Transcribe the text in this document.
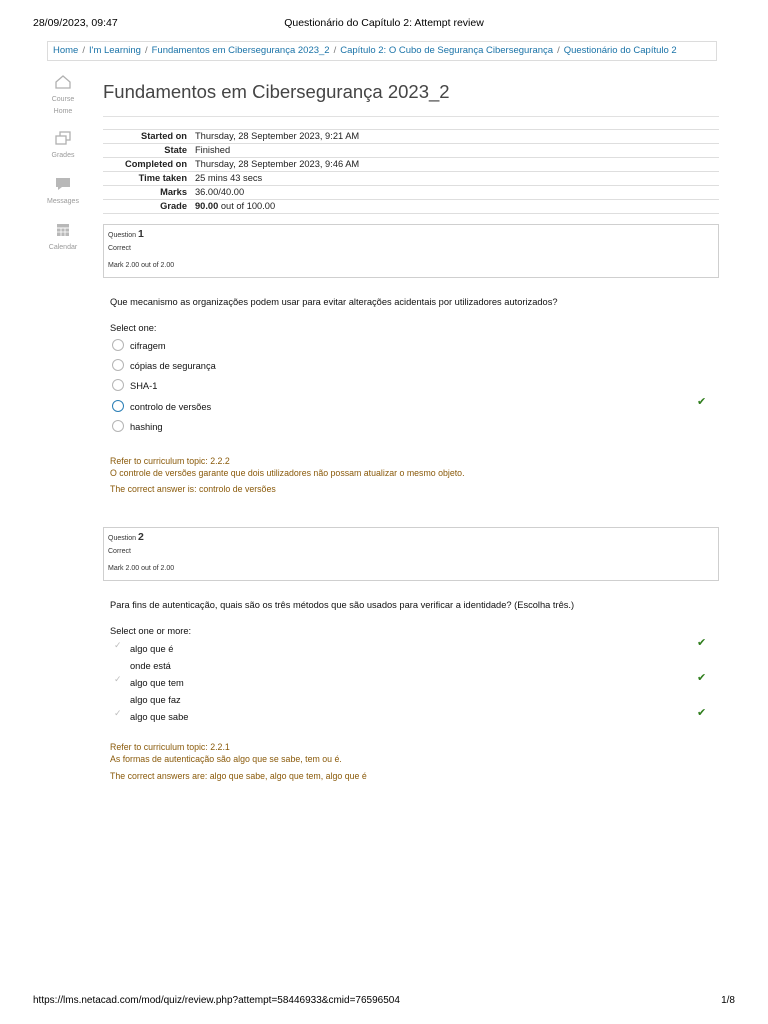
28/09/2023, 09:47	Questionário do Capítulo 2: Attempt review
Home / I'm Learning / Fundamentos em Cibersegurança 2023_2 / Capítulo 2: O Cubo de Segurança Cibersegurança / Questionário do Capítulo 2
Course
Home
Grades
Messages
Calendar
Fundamentos em Cibersegurança 2023_2
Started on	Thursday, 28 September 2023, 9:21 AM
State	Finished
Completed on	Thursday, 28 September 2023, 9:46 AM
Time taken	25 mins 43 secs
Marks	36.00/40.00
Grade	90.00 out of 100.00
Question 1
Correct
Mark 2.00 out of 2.00
Que mecanismo as organizações podem usar para evitar alterações acidentais por utilizadores autorizados?
Select one:
cifragem
cópias de segurança
SHA-1
controlo de versões
hashing
✔
Refer to curriculum topic: 2.2.2
O controle de versões garante que dois utilizadores não possam atualizar o mesmo objeto.
The correct answer is: controlo de versões
Question 2
Correct
Mark 2.00 out of 2.00
Para fins de autenticação, quais são os três métodos que são usados para verificar a identidade? (Escolha três.)
Select one or more:
✓ algo que é
onde está
✓ algo que tem
algo que faz
✓ algo que sabe
✔
✔
✔
Refer to curriculum topic: 2.2.1
As formas de autenticação são algo que se sabe, tem ou é.
The correct answers are: algo que sabe, algo que tem, algo que é
https://lms.netacad.com/mod/quiz/review.php?attempt=58446933&cmid=76596504	1/8
